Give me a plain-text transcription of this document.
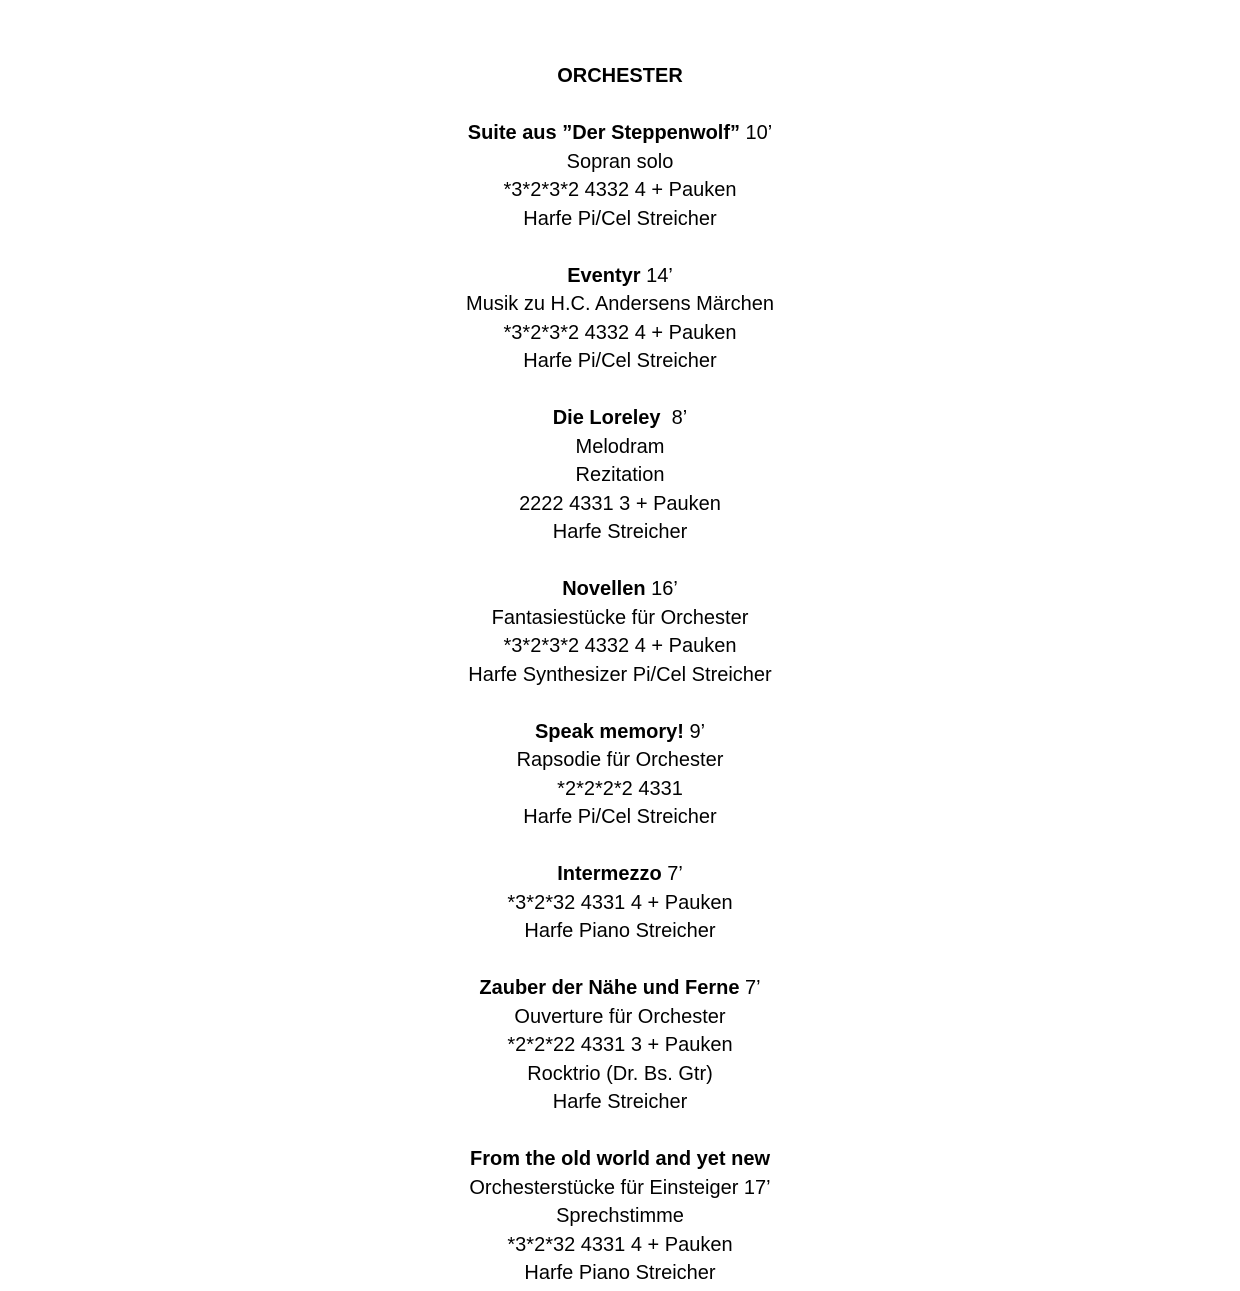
ORCHESTER

Suite aus ”Der Steppenwolf” 10’

Sopran solo

*3*2*3*2 4332 4 + Pauken

Harfe Pi/Cel Streicher

Eventyr 14’

Musik zu H.C. Andersens Märchen

*3*2*3*2 4332 4 + Pauken

Harfe Pi/Cel Streicher

Die Loreley  8’

Melodram

Rezitation

2222 4331 3 + Pauken

Harfe Streicher

Novellen 16’

Fantasiestücke für Orchester

*3*2*3*2 4332 4 + Pauken

Harfe Synthesizer Pi/Cel Streicher

Speak memory! 9’

Rapsodie für Orchester

*2*2*2*2 4331

Harfe Pi/Cel Streicher

Intermezzo 7’

*3*2*32 4331 4 + Pauken

Harfe Piano Streicher

Zauber der Nähe und Ferne 7’

Ouverture für Orchester

*2*2*22 4331 3 + Pauken

Rocktrio (Dr. Bs. Gtr)

Harfe Streicher

From the old world and yet new

Orchesterstücke für Einsteiger 17’

Sprechstimme

*3*2*32 4331 4 + Pauken

Harfe Piano Streicher
